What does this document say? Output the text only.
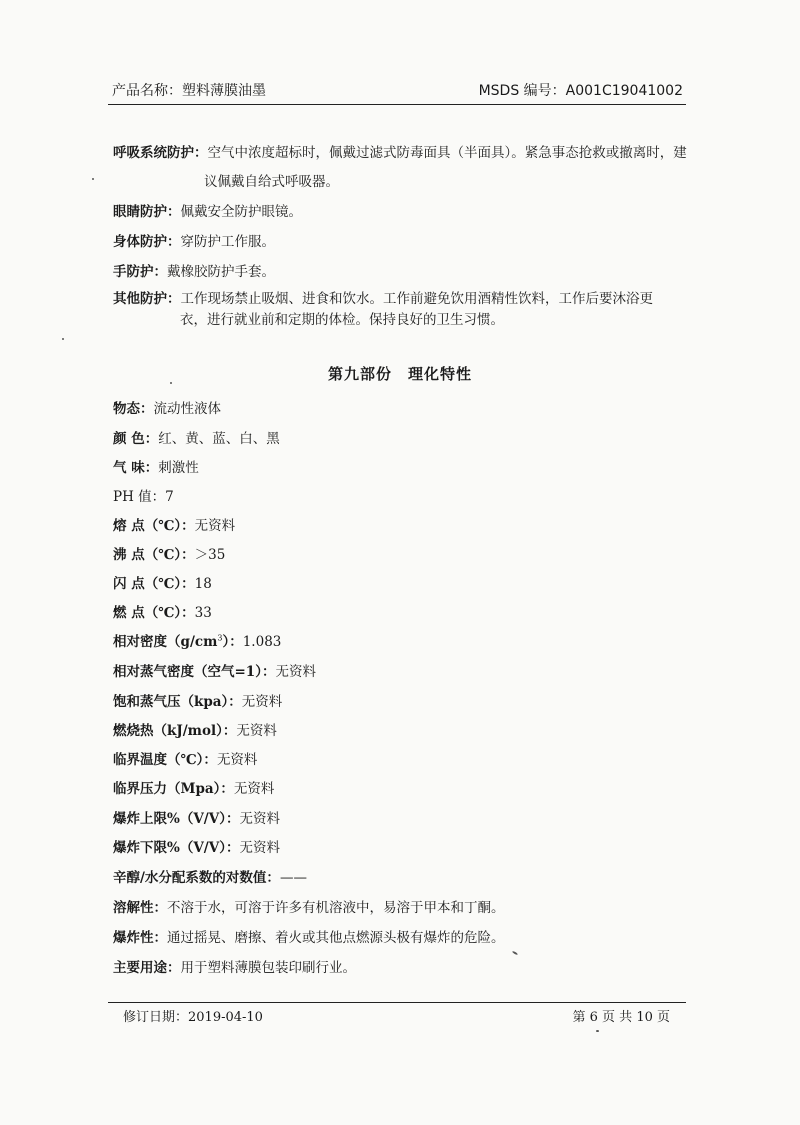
产品名称：塑料薄膜油墨	MSDS 编号：A001C19041002
呼吸系统防护：空气中浓度超标时，佩戴过滤式防毒面具（半面具）。紧急事态抢救或撤离时，建
议佩戴自给式呼吸器。
眼睛防护：佩戴安全防护眼镜。
身体防护：穿防护工作服。
手防护：戴橡胶防护手套。
其他防护：工作现场禁止吸烟、进食和饮水。工作前避免饮用酒精性饮料，工作后要沐浴更
衣，进行就业前和定期的体检。保持良好的卫生习惯。
第九部份　理化特性
物态：流动性液体
颜 色：红、黄、蓝、白、黑
气 味：刺激性
PH 值：7
熔 点（℃）：无资料
沸 点（℃）：＞35
闪 点（℃）：18
燃 点（℃）：33
相对密度$(g/cm^3)$：1.083
相对蒸气密度（空气=1）：无资料
饱和蒸气压（kpa）：无资料
燃烧热（kJ/mol）：无资料
临界温度（℃）：无资料
临界压力（Mpa）：无资料
爆炸上限%（V/V）：无资料
爆炸下限%（V/V）：无资料
辛醇/水分配系数的对数值：——
溶解性：不溶于水，可溶于许多有机溶液中，易溶于甲本和丁酮。
爆炸性：通过摇晃、磨擦、着火或其他点燃源头极有爆炸的危险。
主要用途：用于塑料薄膜包装印刷行业。
修订日期：2019-04-10	第 6 页 共 10 页
